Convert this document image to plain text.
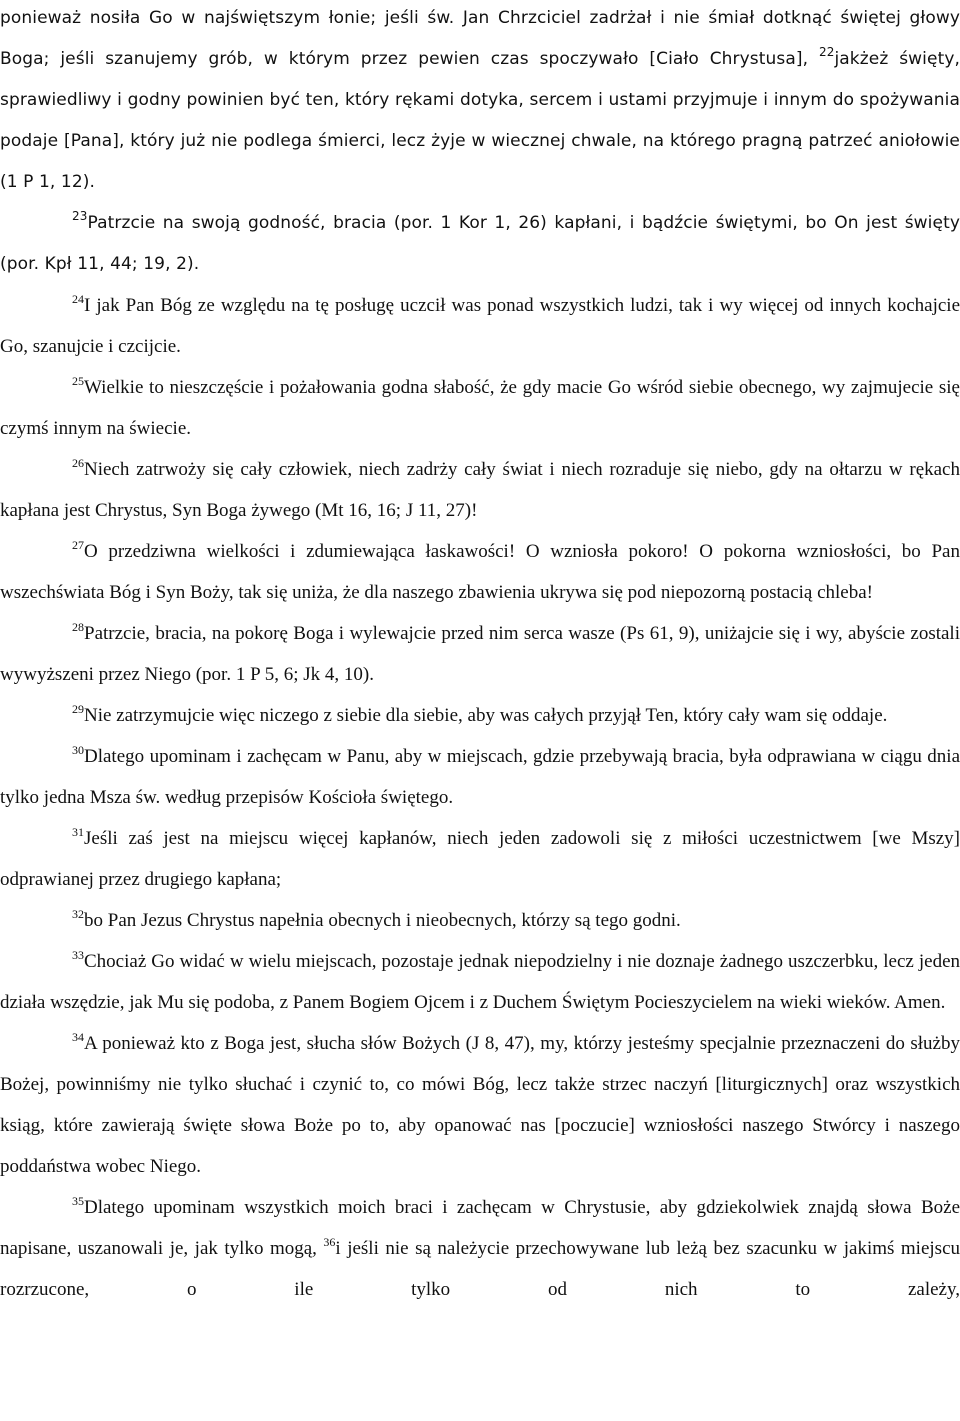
ponieważ nosiła Go w najświętszym łonie; jeśli św. Jan Chrzciciel zadrżał i nie śmiał dotknąć świętej głowy Boga; jeśli szanujemy grób, w którym przez pewien czas spoczywało [Ciało Chrystusa], $^{22}$jakżeż święty, sprawiedliwy i godny powinien być ten, który rękami dotyka, sercem i ustami przyjmuje i innym do spożywania podaje [Pana], który już nie podlega śmierci, lecz żyje w wiecznej chwale, na którego pragną patrzeć aniołowie (1 P 1, 12).

$^{23}$Patrzcie na swoją godność, bracia (por. 1 Kor 1, 26) kapłani, i bądźcie świętymi, bo On jest święty (por. Kpł 11, 44; 19, 2).

$^{24}$I jak Pan Bóg ze względu na tę posługę uczcił was ponad wszystkich ludzi, tak i wy więcej od innych kochajcie Go, szanujcie i czcijcie.

$^{25}$Wielkie to nieszczęście i pożałowania godna słabość, że gdy macie Go wśród siebie obecnego, wy zajmujecie się czymś innym na świecie.

$^{26}$Niech zatrwoży się cały człowiek, niech zadrży cały świat i niech rozraduje się niebo, gdy na ołtarzu w rękach kapłana jest Chrystus, Syn Boga żywego (Mt 16, 16; J 11, 27)!

$^{27}$O przedziwna wielkości i zdumiewająca łaskawości! O wzniosła pokoro! O pokorna wzniosłości, bo Pan wszechświata Bóg i Syn Boży, tak się uniża, że dla naszego zbawienia ukrywa się pod niepozorną postacią chleba!

$^{28}$Patrzcie, bracia, na pokorę Boga i wylewajcie przed nim serca wasze (Ps 61, 9), uniżajcie się i wy, abyście zostali wywyższeni przez Niego (por. 1 P 5, 6; Jk 4, 10).

$^{29}$Nie zatrzymujcie więc niczego z siebie dla siebie, aby was całych przyjął Ten, który cały wam się oddaje.

$^{30}$Dlatego upominam i zachęcam w Panu, aby w miejscach, gdzie przebywają bracia, była odprawiana w ciągu dnia tylko jedna Msza św. według przepisów Kościoła świętego.

$^{31}$Jeśli zaś jest na miejscu więcej kapłanów, niech jeden zadowoli się z miłości uczestnictwem [we Mszy] odprawianej przez drugiego kapłana;

$^{32}$bo Pan Jezus Chrystus napełnia obecnych i nieobecnych, którzy są tego godni.

$^{33}$Chociaż Go widać w wielu miejscach, pozostaje jednak niepodzielny i nie doznaje żadnego uszczerbku, lecz jeden działa wszędzie, jak Mu się podoba, z Panem Bogiem Ojcem i z Duchem Świętym Pocieszycielem na wieki wieków. Amen.

$^{34}$A ponieważ kto z Boga jest, słucha słów Bożych (J 8, 47), my, którzy jesteśmy specjalnie przeznaczeni do służby Bożej, powinniśmy nie tylko słuchać i czynić to, co mówi Bóg, lecz także strzec naczyń [liturgicznych] oraz wszystkich ksiąg, które zawierają święte słowa Boże po to, aby opanować nas [poczucie] wzniosłości naszego Stwórcy i naszego poddaństwa wobec Niego.

$^{35}$Dlatego upominam wszystkich moich braci i zachęcam w Chrystusie, aby gdziekolwiek znajdą słowa Boże napisane, uszanowali je, jak tylko mogą, $^{36}$i jeśli nie są należycie przechowywane lub leżą bez szacunku w jakimś miejscu rozrzucone, o ile tylko od nich to zależy,
